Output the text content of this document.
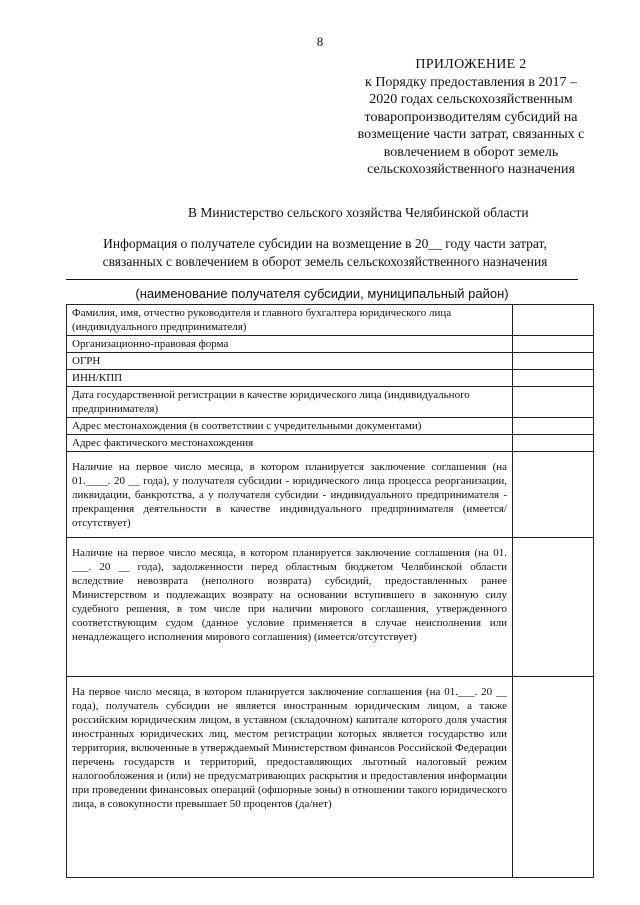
8
ПРИЛОЖЕНИЕ 2
к Порядку предоставления в 2017 –
2020 годах сельскохозяйственным
товаропроизводителям субсидий на
возмещение части затрат, связанных с
вовлечением в оборот земель
сельскохозяйственного назначения
В Министерство сельского хозяйства Челябинской области
Информация о получателе субсидии на возмещение в 20__ году части затрат,
связанных с вовлечением в оборот земель сельскохозяйственного назначения
(наименование получателя субсидии, муниципальный район)
Фамилия, имя, отчество руководителя и главного бухгалтера юридического лица (индивидуального предпринимателя)	
Организационно-правовая форма	
ОГРН	
ИНН/КПП	
Дата государственной регистрации в качестве юридического лица (индивидуального предпринимателя)	
Адрес местонахождения (в соответствии с учредительными документами)	
Адрес фактического местонахождения	
Наличие на первое число месяца, в котором планируется заключение соглашения (на 01.____. 20 __ года), у получателя субсидии - юридического лица процесса реорганизации, ликвидации, банкротства, а у получателя субсидии - индивидуального предпринимателя - прекращения деятельности в качестве индивидуального предпринимателя (имеется/отсутствует)	
Наличие на первое число месяца, в котором планируется заключение соглашения (на 01. ___. 20 __ года), задолженности перед областным бюджетом Челябинской области вследствие невозврата (неполного возврата) субсидий, предоставленных ранее Министерством и подлежащих возврату на основании вступившего в законную силу судебного решения, в том числе при наличии мирового соглашения, утвержденного соответствующим судом (данное условие применяется в случае неисполнения или ненадлежащего исполнения мирового соглашения) (имеется/отсутствует)	
На первое число месяца, в котором планируется заключение соглашения (на 01.___. 20 __ года), получатель субсидии не является иностранным юридическим лицом, а также российским юридическим лицом, в уставном (складочном) капитале которого доля участия иностранных юридических лиц, местом регистрации которых является государство или территория, включенные в утверждаемый Министерством финансов Российской Федерации перечень государств и территорий, предоставляющих льготный налоговый режим налогообложения и (или) не предусматривающих раскрытия и предоставления информации при проведении финансовых операций (офшорные зоны) в отношении такого юридического лица, в совокупности превышает 50 процентов (да/нет)	
